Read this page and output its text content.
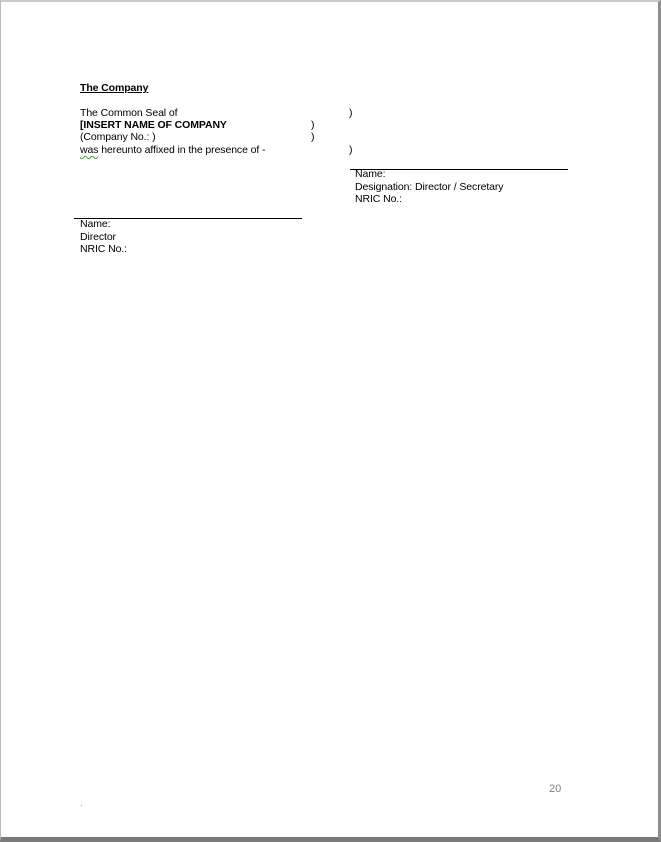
The Company
The Common Seal of
[INSERT NAME OF COMPANY
(Company No.: )
was hereunto affixed in the presence of -
)
)
)
)
Name:
Designation: Director / Secretary
NRIC No.:
Name:
Director
NRIC No.:
20
